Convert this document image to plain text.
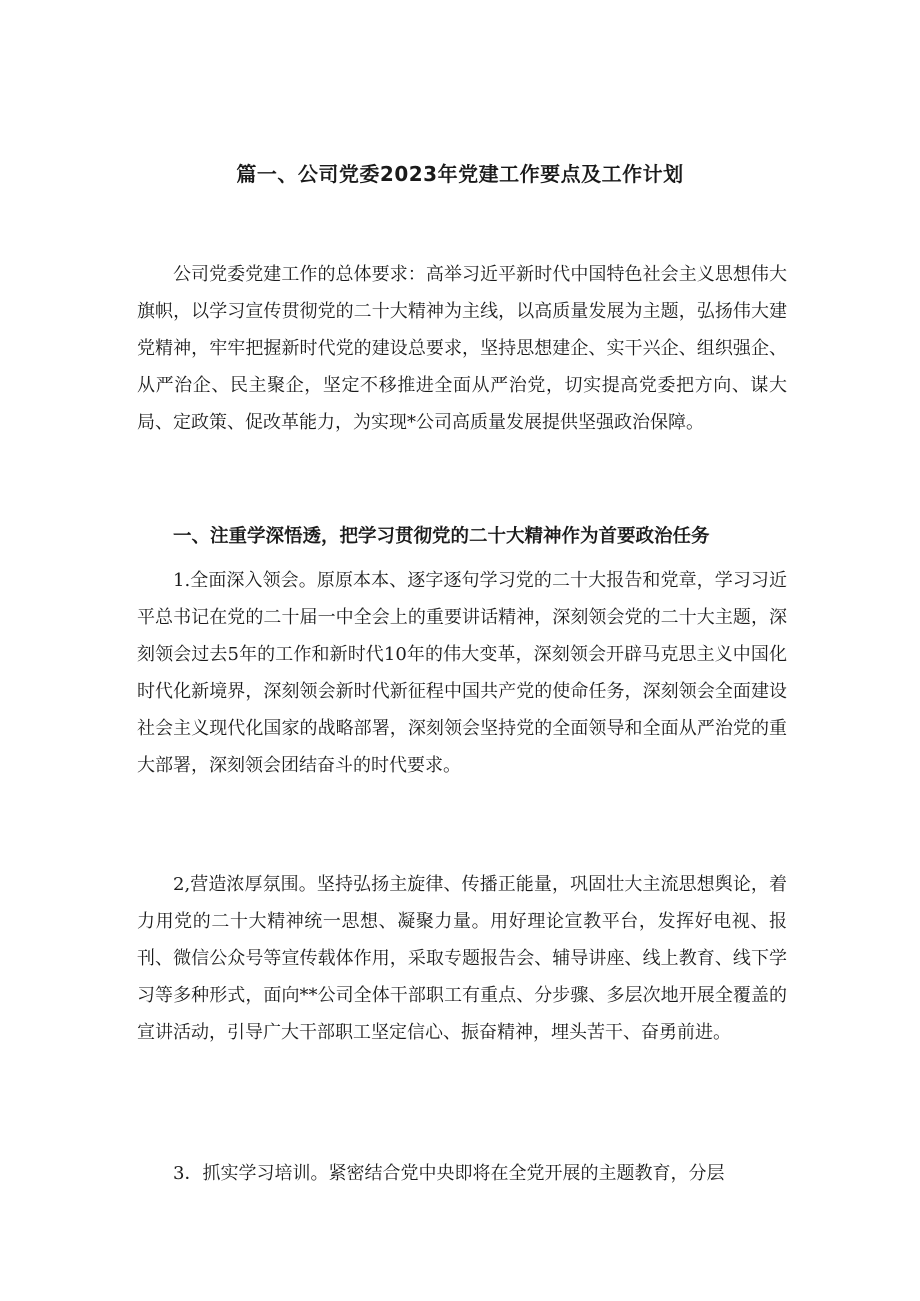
篇一、公司党委2023年党建工作要点及工作计划
公司党委党建工作的总体要求：高举习近平新时代中国特色社会主义思想伟大旗帜，以学习宣传贯彻党的二十大精神为主线，以高质量发展为主题，弘扬伟大建党精神，牢牢把握新时代党的建设总要求，坚持思想建企、实干兴企、组织强企、从严治企、民主聚企，坚定不移推进全面从严治党，切实提高党委把方向、谋大局、定政策、促改革能力，为实现*公司高质量发展提供坚强政治保障。
一、注重学深悟透，把学习贯彻党的二十大精神作为首要政治任务
1.全面深入领会。原原本本、逐字逐句学习党的二十大报告和党章，学习习近平总书记在党的二十届一中全会上的重要讲话精神，深刻领会党的二十大主题，深刻领会过去5年的工作和新时代10年的伟大变革，深刻领会开辟马克思主义中国化时代化新境界，深刻领会新时代新征程中国共产党的使命任务，深刻领会全面建设社会主义现代化国家的战略部署，深刻领会坚持党的全面领导和全面从严治党的重大部署，深刻领会团结奋斗的时代要求。
2,营造浓厚氛围。坚持弘扬主旋律、传播正能量，巩固壮大主流思想舆论，着力用党的二十大精神统一思想、凝聚力量。用好理论宣教平台，发挥好电视、报刊、微信公众号等宣传载体作用，采取专题报告会、辅导讲座、线上教育、线下学习等多种形式，面向**公司全体干部职工有重点、分步骤、多层次地开展全覆盖的宣讲活动，引导广大干部职工坚定信心、振奋精神，埋头苦干、奋勇前进。
3．抓实学习培训。紧密结合党中央即将在全党开展的主题教育，分层
